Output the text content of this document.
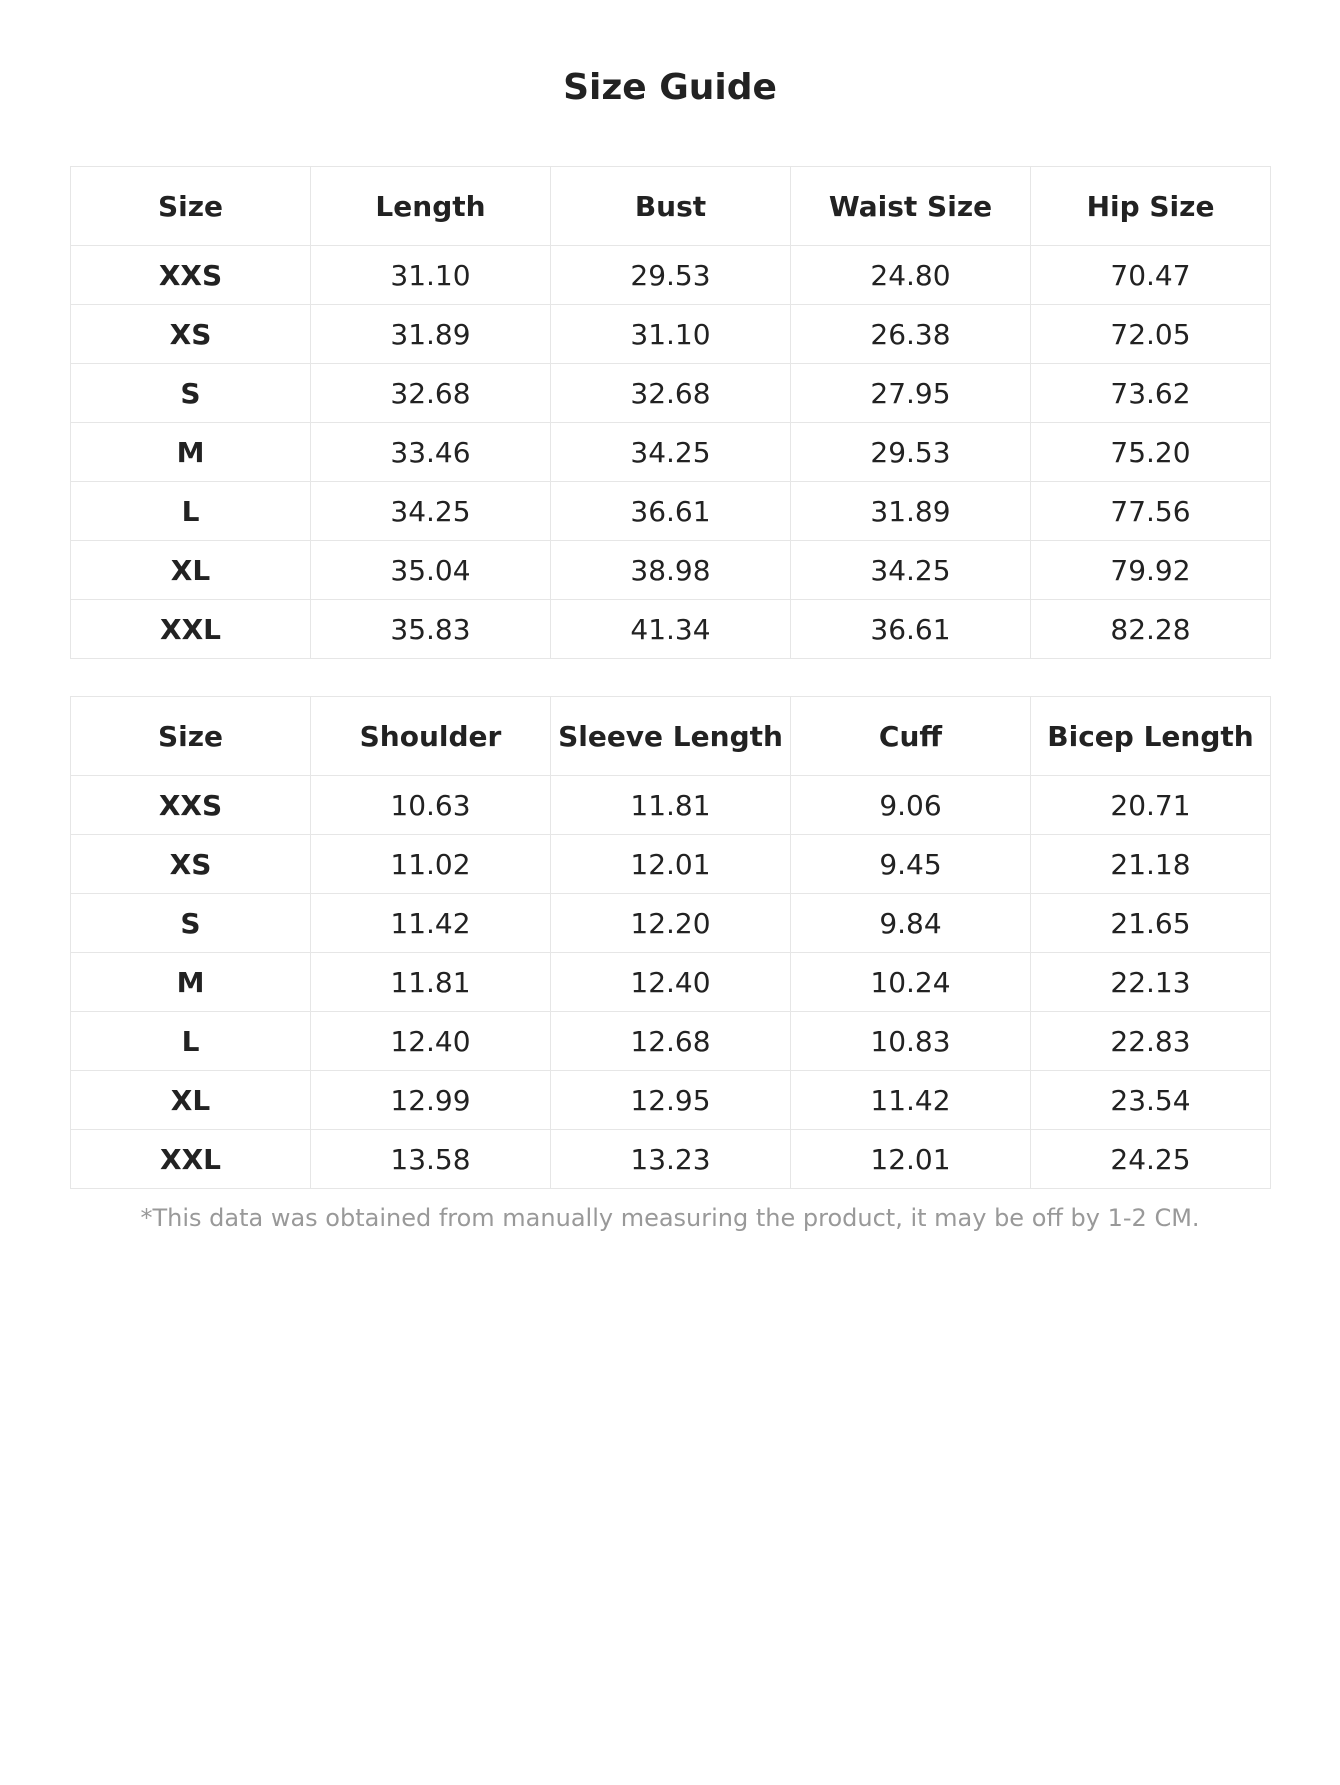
Size Guide
Size	Length	Bust	Waist Size	Hip Size
XXS	31.10	29.53	24.80	70.47
XS	31.89	31.10	26.38	72.05
S	32.68	32.68	27.95	73.62
M	33.46	34.25	29.53	75.20
L	34.25	36.61	31.89	77.56
XL	35.04	38.98	34.25	79.92
XXL	35.83	41.34	36.61	82.28
Size	Shoulder	Sleeve Length	Cuff	Bicep Length
XXS	10.63	11.81	9.06	20.71
XS	11.02	12.01	9.45	21.18
S	11.42	12.20	9.84	21.65
M	11.81	12.40	10.24	22.13
L	12.40	12.68	10.83	22.83
XL	12.99	12.95	11.42	23.54
XXL	13.58	13.23	12.01	24.25

*This data was obtained from manually measuring the product, it may be off by 1-2 CM.
